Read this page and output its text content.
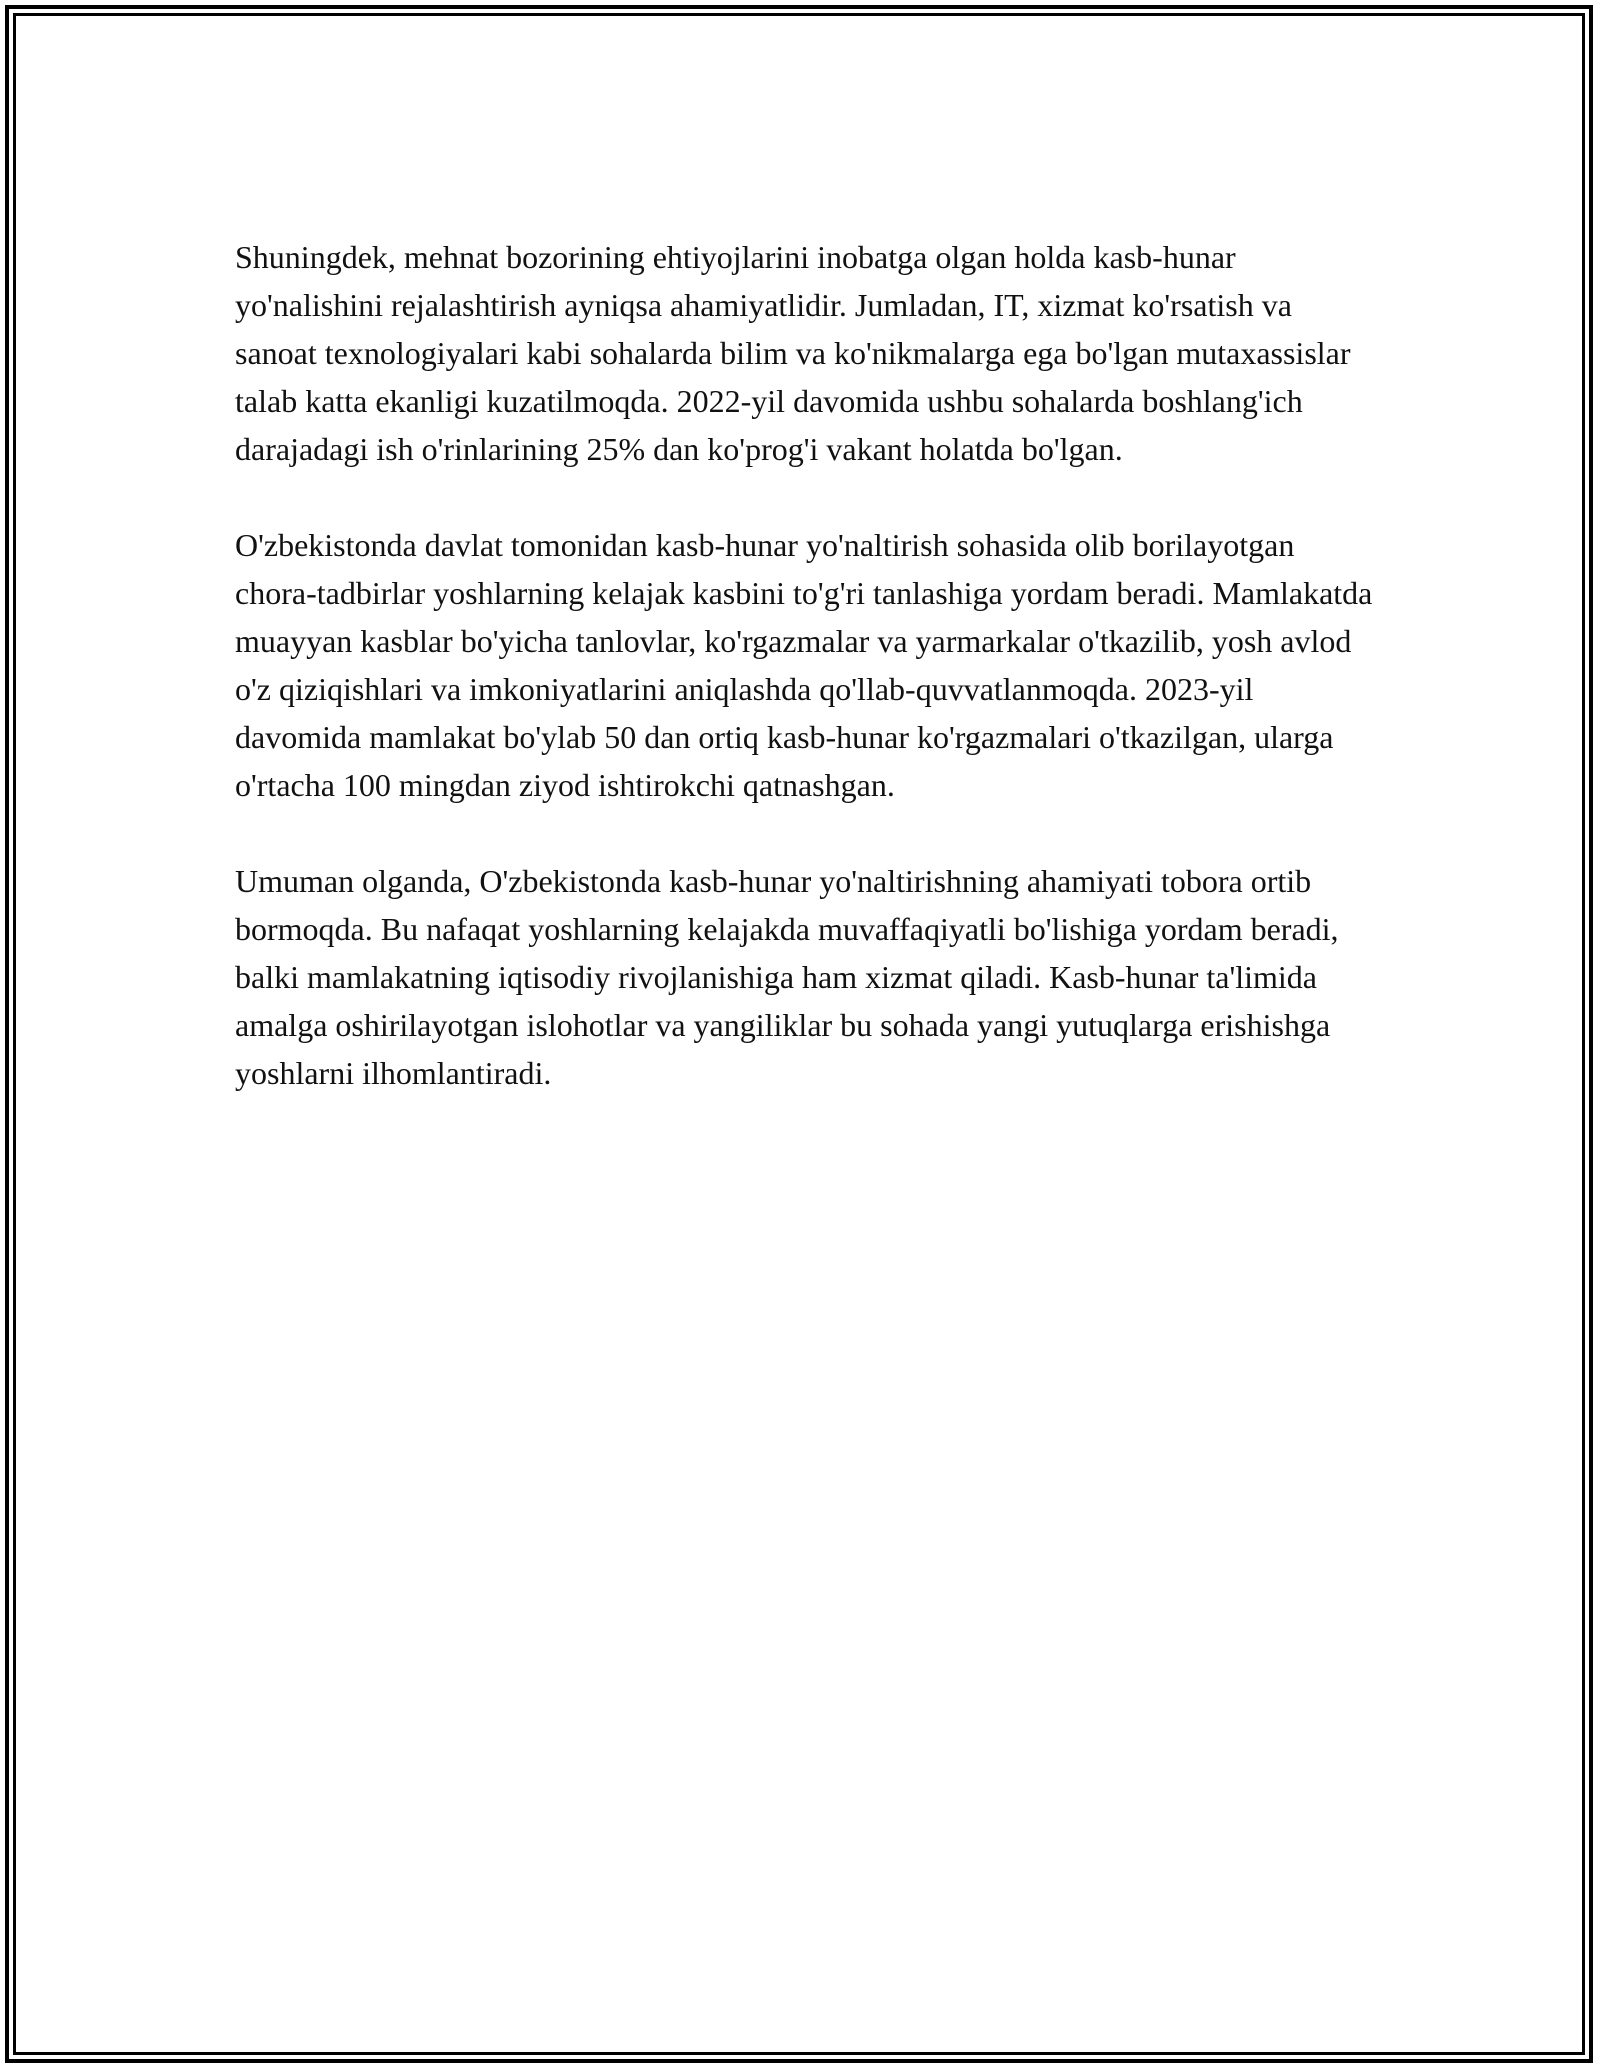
Shuningdek, mehnat bozorining ehtiyojlarini inobatga olgan holda kasb-hunar yo'nalishini rejalashtirish ayniqsa ahamiyatlidir. Jumladan, IT, xizmat ko'rsatish va sanoat texnologiyalari kabi sohalarda bilim va ko'nikmalarga ega bo'lgan mutaxassislar talab katta ekanligi kuzatilmoqda. 2022-yil davomida ushbu sohalarda boshlang'ich darajadagi ish o'rinlarining 25% dan ko'prog'i vakant holatda bo'lgan.

O'zbekistonda davlat tomonidan kasb-hunar yo'naltirish sohasida olib borilayotgan chora-tadbirlar yoshlarning kelajak kasbini to'g'ri tanlashiga yordam beradi. Mamlakatda muayyan kasblar bo'yicha tanlovlar, ko'rgazmalar va yarmarkalar o'tkazilib, yosh avlod o'z qiziqishlari va imkoniyatlarini aniqlashda qo'llab-quvvatlanmoqda. 2023-yil davomida mamlakat bo'ylab 50 dan ortiq kasb-hunar ko'rgazmalari o'tkazilgan, ularga o'rtacha 100 mingdan ziyod ishtirokchi qatnashgan.

Umuman olganda, O'zbekistonda kasb-hunar yo'naltirishning ahamiyati tobora ortib bormoqda. Bu nafaqat yoshlarning kelajakda muvaffaqiyatli bo'lishiga yordam beradi, balki mamlakatning iqtisodiy rivojlanishiga ham xizmat qiladi. Kasb-hunar ta'limida amalga oshirilayotgan islohotlar va yangiliklar bu sohada yangi yutuqlarga erishishga yoshlarni ilhomlantiradi.
